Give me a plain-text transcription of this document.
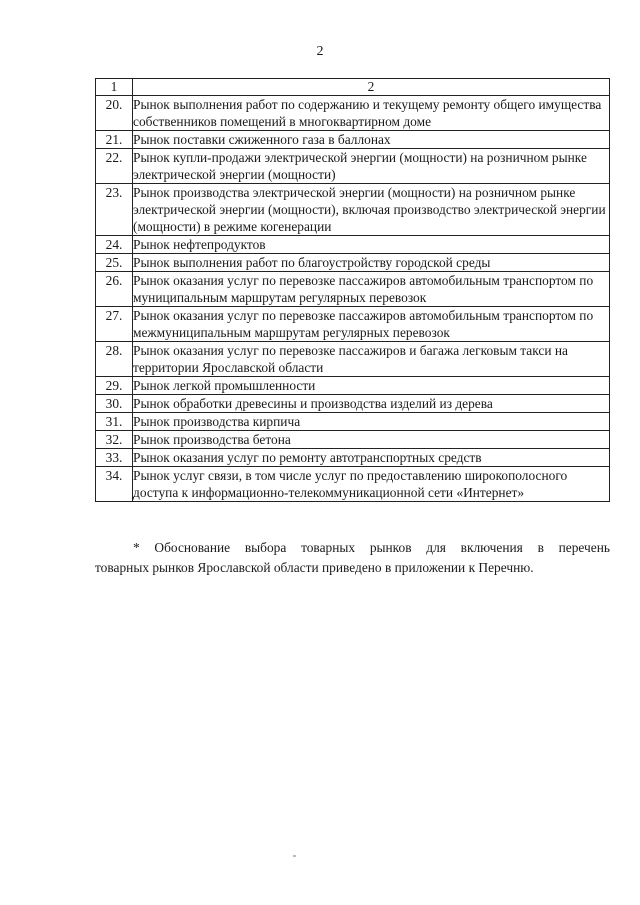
2
1	2
20.	Рынок выполнения работ по содержанию и текущему ремонту общего имущества собственников помещений в многоквартирном доме
21.	Рынок поставки сжиженного газа в баллонах
22.	Рынок купли-продажи электрической энергии (мощности) на розничном рынке электрической энергии (мощности)
23.	Рынок производства электрической энергии (мощности) на розничном рынке электрической энергии (мощности), включая производство электрической энергии (мощности) в режиме когенерации
24.	Рынок нефтепродуктов
25.	Рынок выполнения работ по благоустройству городской среды
26.	Рынок оказания услуг по перевозке пассажиров автомобильным транспортом по муниципальным маршрутам регулярных перевозок
27.	Рынок оказания услуг по перевозке пассажиров автомобильным транспортом по межмуниципальным маршрутам регулярных перевозок
28.	Рынок оказания услуг по перевозке пассажиров и багажа легковым такси на территории Ярославской области
29.	Рынок легкой промышленности
30.	Рынок обработки древесины и производства изделий из дерева
31.	Рынок производства кирпича
32.	Рынок производства бетона
33.	Рынок оказания услуг по ремонту автотранспортных средств
34.	Рынок услуг связи, в том числе услуг по предоставлению широкополосного доступа к информационно-телекоммуникационной сети «Интернет»
* Обоснование выбора товарных рынков для включения в перечень
товарных рынков Ярославской области приведено в приложении к Перечню.
